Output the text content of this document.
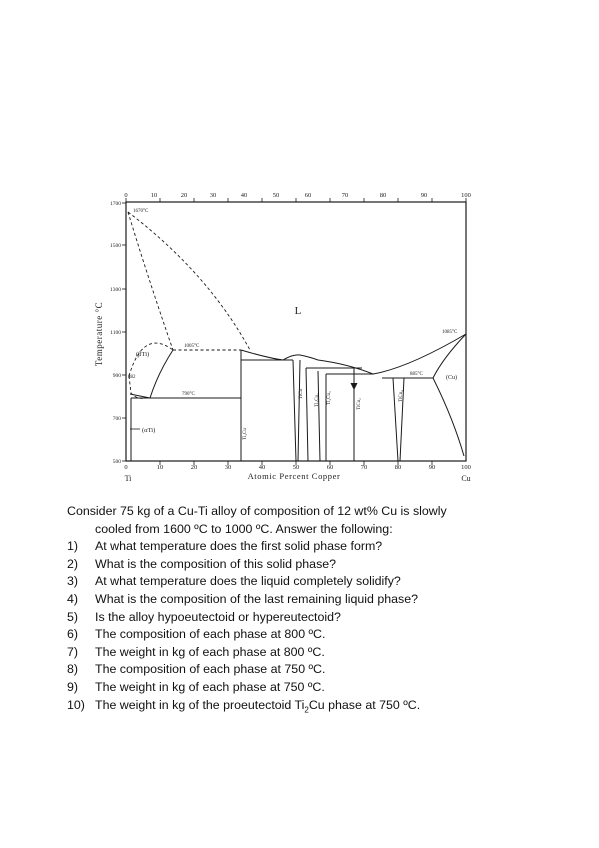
0	10	20	30	40	50	60	70	80	90	100
0	10	20	30	40	50	60	70	80	90	100
1700
1500
1300
1100
900
700
500
Temperature °C
Atomic Percent Copper
Ti	Cu
L
(βTi)
(αTi)
(Cu)
1670°C
1005°C
882
790°C
1085°C
885°C
Ti₂Cu
TiCu Ti₃Cu₄ Ti₂Cu₃	TiCu₂
TiCu₄
Consider 75 kg of a Cu-Ti alloy of composition of 12 wt% Cu is slowly
cooled from 1600 ºC to 1000 ºC. Answer the following:
1)	At what temperature does the first solid phase form?
2)	What is the composition of this solid phase?
3)	At what temperature does the liquid completely solidify?
4)	What is the composition of the last remaining liquid phase?
5)	Is the alloy hypoeutectoid or hypereutectoid?
6)	The composition of each phase at 800 ºC.
7)	The weight in kg of each phase at 800 ºC.
8)	The composition of each phase at 750 ºC.
9)	The weight in kg of each phase at 750 ºC.
10) The weight in kg of the proeutectoid $Ti_2Cu$ phase at 750 ºC.
